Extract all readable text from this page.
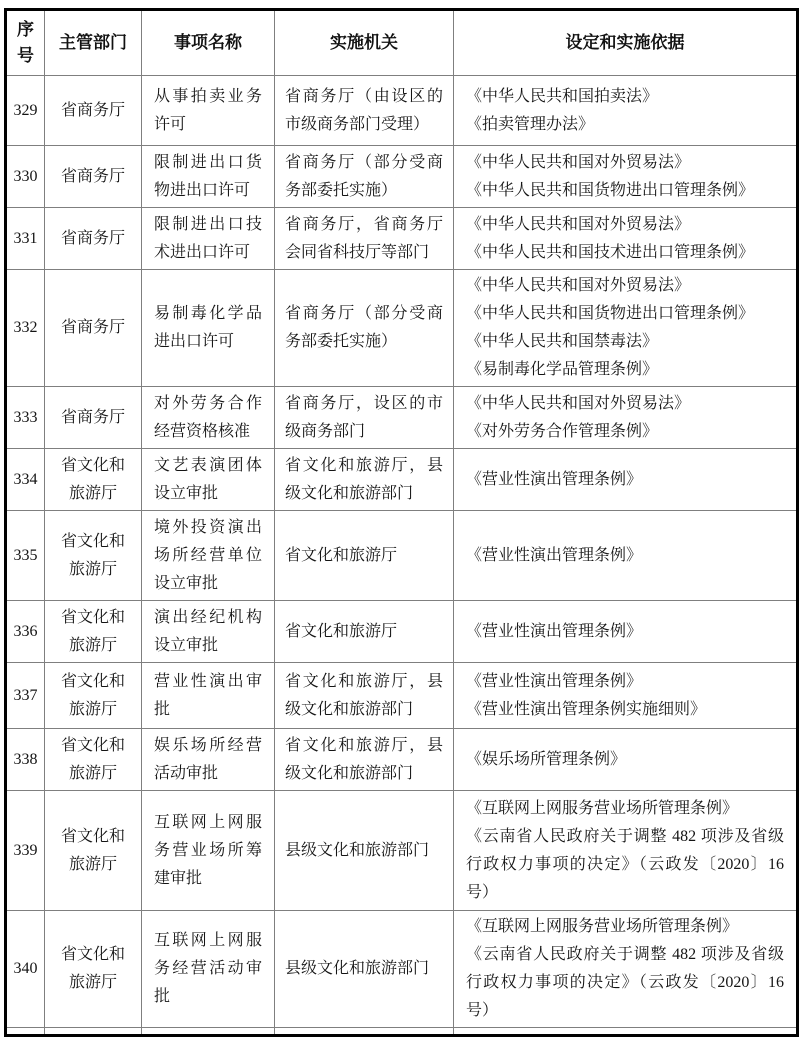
序号	主管部门	事项名称	实施机关	设定和实施依据
329	省商务厅	从事拍卖业务许可	省商务厅（由设区的市级商务部门受理）	《中华人民共和国拍卖法》
《拍卖管理办法》

330	省商务厅	限制进出口货物进出口许可	省商务厅（部分受商务部委托实施）	《中华人民共和国对外贸易法》
《中华人民共和国货物进出口管理条例》

331	省商务厅	限制进出口技术进出口许可	省商务厅，省商务厅会同省科技厅等部门	《中华人民共和国对外贸易法》
《中华人民共和国技术进出口管理条例》

332	省商务厅	易制毒化学品进出口许可	省商务厅（部分受商务部委托实施）	《中华人民共和国对外贸易法》
《中华人民共和国货物进出口管理条例》
《中华人民共和国禁毒法》
《易制毒化学品管理条例》

333	省商务厅	对外劳务合作经营资格核准	省商务厅，设区的市级商务部门	《中华人民共和国对外贸易法》
《对外劳务合作管理条例》

334	省文化和旅游厅	文艺表演团体设立审批	省文化和旅游厅，县级文化和旅游部门	《营业性演出管理条例》

335	省文化和旅游厅	境外投资演出场所经营单位设立审批	省文化和旅游厅	《营业性演出管理条例》

336	省文化和旅游厅	演出经纪机构设立审批	省文化和旅游厅	《营业性演出管理条例》

337	省文化和旅游厅	营业性演出审批	省文化和旅游厅，县级文化和旅游部门	《营业性演出管理条例》
《营业性演出管理条例实施细则》

338	省文化和旅游厅	娱乐场所经营活动审批	省文化和旅游厅，县级文化和旅游部门	《娱乐场所管理条例》

339	省文化和旅游厅	互联网上网服务营业场所筹建审批	县级文化和旅游部门	《互联网上网服务营业场所管理条例》
《云南省人民政府关于调整 482 项涉及省级行政权力事项的决定》（云政发〔2020〕16 号）

340	省文化和旅游厅	互联网上网服务经营活动审批	县级文化和旅游部门	《互联网上网服务营业场所管理条例》
《云南省人民政府关于调整 482 项涉及省级行政权力事项的决定》（云政发〔2020〕16 号）
